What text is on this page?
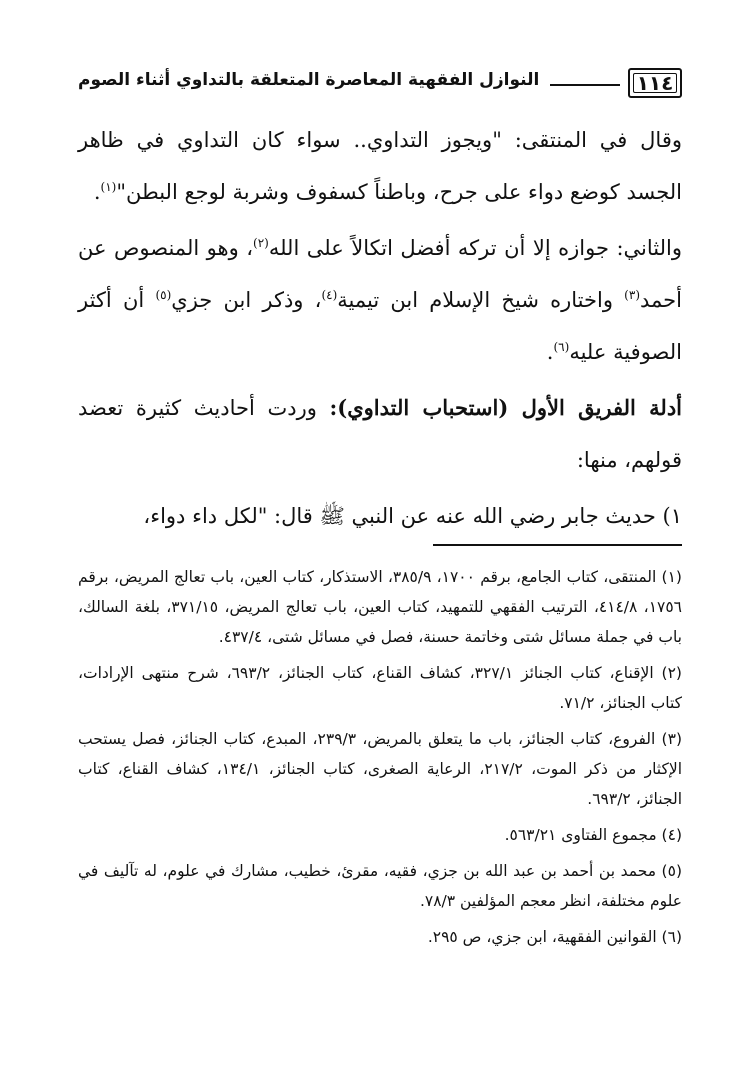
١١٤
النوازل الفقهية المعاصرة المتعلقة بالتداوي أثناء الصوم

وقال في المنتقى: "ويجوز التداوي.. سواء كان التداوي في ظاهر الجسد كوضع دواء على جرح، وباطناً كسفوف وشربة لوجع البطن"$^{(١)}$.

والثاني: جوازه إلا أن تركه أفضل اتكالاً على الله$^{(٢)}$، وهو المنصوص عن أحمد$^{(٣)}$ واختاره شيخ الإسلام ابن تيمية$^{(٤)}$، وذكر ابن جزي$^{(٥)}$ أن أكثر الصوفية عليه$^{(٦)}$.

أدلة الفريق الأول (استحباب التداوي): وردت أحاديث كثيرة تعضد قولهم، منها:

١) حديث جابر رضي الله عنه عن النبي ﷺ قال: "لكل داء دواء،

(١) المنتقى، كتاب الجامع، برقم ١٧٠٠، ٣٨٥/٩، الاستذكار، كتاب العين، باب تعالج المريض، برقم ١٧٥٦، ٤١٤/٨، الترتيب الفقهي للتمهيد، كتاب العين، باب تعالج المريض، ٣٧١/١٥، بلغة السالك، باب في جملة مسائل شتى وخاتمة حسنة، فصل في مسائل شتى، ٤٣٧/٤.

(٢) الإقناع، كتاب الجنائز ٣٢٧/١، كشاف القناع، كتاب الجنائز، ٦٩٣/٢، شرح منتهى الإرادات، كتاب الجنائز، ٧١/٢.

(٣) الفروع، كتاب الجنائز، باب ما يتعلق بالمريض، ٢٣٩/٣، المبدع، كتاب الجنائز، فصل يستحب الإكثار من ذكر الموت، ٢١٧/٢، الرعاية الصغرى، كتاب الجنائز، ١٣٤/١، كشاف القناع، كتاب الجنائز، ٦٩٣/٢.

(٤) مجموع الفتاوى ٥٦٣/٢١.

(٥) محمد بن أحمد بن عبد الله بن جزي، فقيه، مقرئ، خطيب، مشارك في علوم، له تآليف في علوم مختلفة، انظر معجم المؤلفين ٧٨/٣.

(٦) القوانين الفقهية، ابن جزي، ص ٢٩٥.
